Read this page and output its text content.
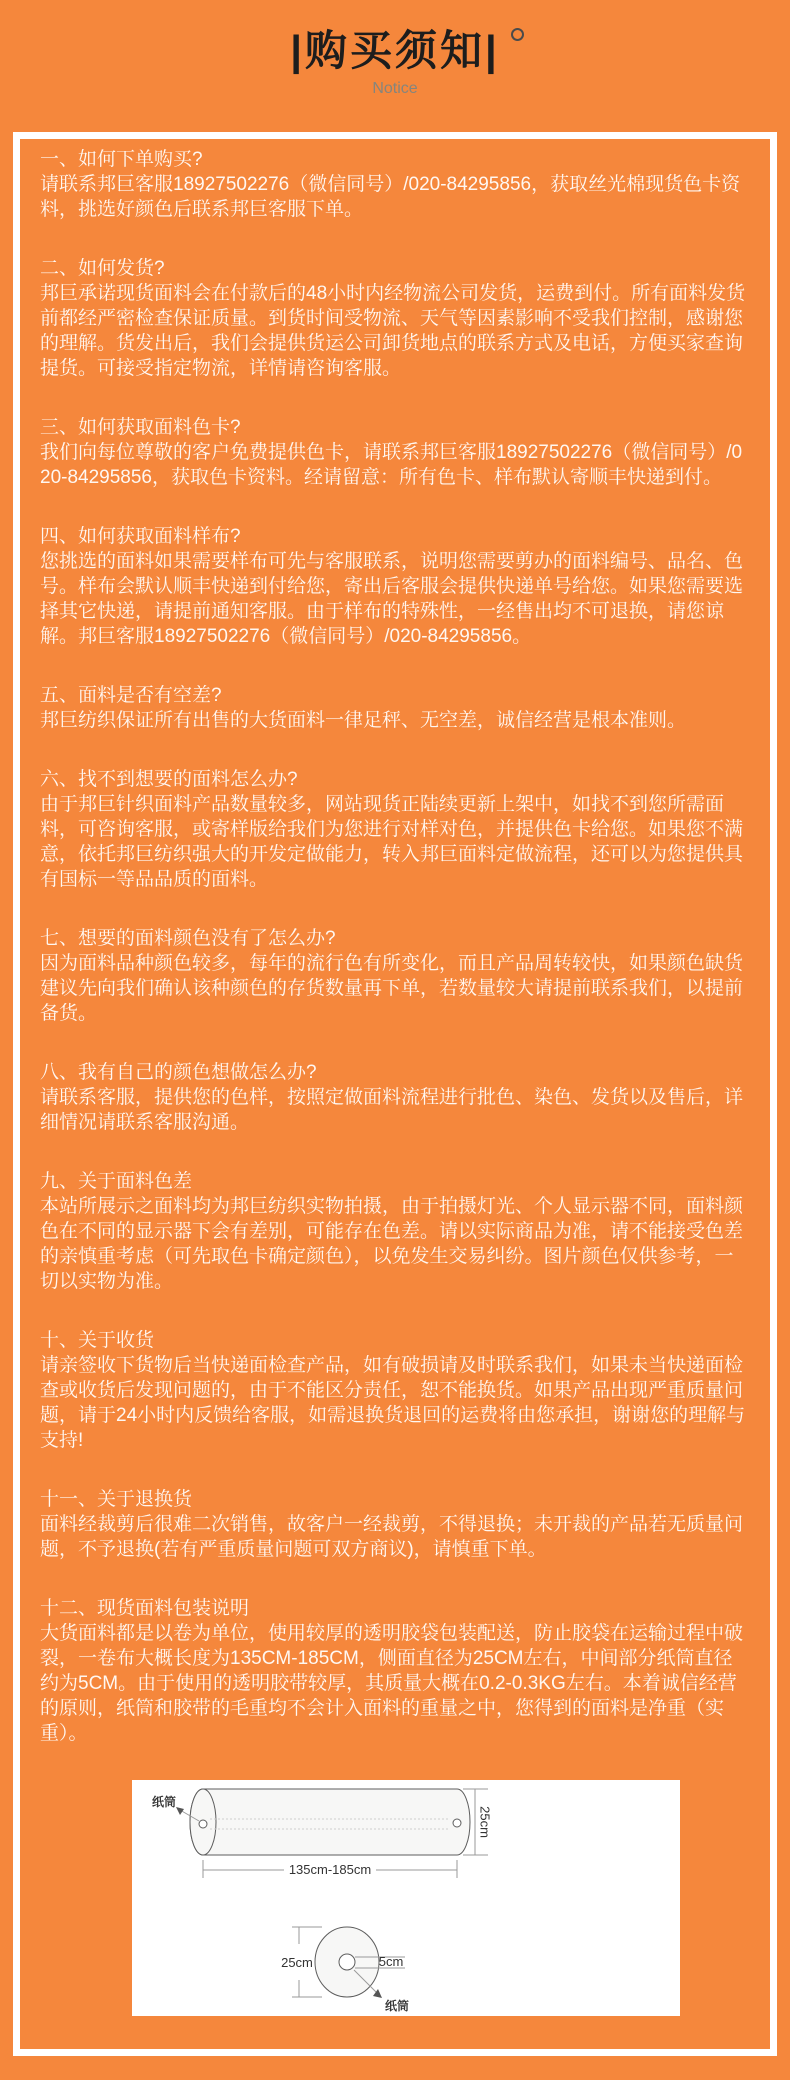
|购买须知|
Notice
一、如何下单购买?
请联系邦巨客服18927502276（微信同号）/020-84295856，获取丝光棉现货色卡资料，挑选好颜色后联系邦巨客服下单。
二、如何发货?
邦巨承诺现货面料会在付款后的48小时内经物流公司发货，运费到付。所有面料发货前都经严密检查保证质量。到货时间受物流、天气等因素影响不受我们控制，感谢您的理解。货发出后，我们会提供货运公司卸货地点的联系方式及电话，方便买家查询提货。可接受指定物流，详情请咨询客服。
三、如何获取面料色卡?
我们向每位尊敬的客户免费提供色卡，请联系邦巨客服18927502276（微信同号）/020-84295856，获取色卡资料。经请留意：所有色卡、样布默认寄顺丰快递到付。
四、如何获取面料样布?
您挑选的面料如果需要样布可先与客服联系，说明您需要剪办的面料编号、品名、色号。样布会默认顺丰快递到付给您，寄出后客服会提供快递单号给您。如果您需要选择其它快递，请提前通知客服。由于样布的特殊性，一经售出均不可退换，请您谅解。邦巨客服18927502276（微信同号）/020-84295856。
五、面料是否有空差?
邦巨纺织保证所有出售的大货面料一律足秤、无空差，诚信经营是根本准则。
六、找不到想要的面料怎么办?
由于邦巨针织面料产品数量较多，网站现货正陆续更新上架中，如找不到您所需面料，可咨询客服，或寄样版给我们为您进行对样对色，并提供色卡给您。如果您不满意，依托邦巨纺织强大的开发定做能力，转入邦巨面料定做流程，还可以为您提供具有国标一等品品质的面料。
七、想要的面料颜色没有了怎么办?
因为面料品种颜色较多，每年的流行色有所变化，而且产品周转较快，如果颜色缺货建议先向我们确认该种颜色的存货数量再下单，若数量较大请提前联系我们，以提前备货。
八、我有自己的颜色想做怎么办?
请联系客服，提供您的色样，按照定做面料流程进行批色、染色、发货以及售后，详细情况请联系客服沟通。
九、关于面料色差
本站所展示之面料均为邦巨纺织实物拍摄，由于拍摄灯光、个人显示器不同，面料颜色在不同的显示器下会有差别，可能存在色差。请以实际商品为准，请不能接受色差的亲慎重考虑（可先取色卡确定颜色），以免发生交易纠纷。图片颜色仅供参考，一切以实物为准。
十、关于收货
请亲签收下货物后当快递面检查产品，如有破损请及时联系我们，如果未当快递面检查或收货后发现问题的，由于不能区分责任，恕不能换货。如果产品出现严重质量问题，请于24小时内反馈给客服，如需退换货退回的运费将由您承担，谢谢您的理解与支持!
十一、关于退换货
面料经裁剪后很难二次销售，故客户一经裁剪，不得退换；未开裁的产品若无质量问题，不予退换(若有严重质量问题可双方商议)，请慎重下单。
十二、现货面料包装说明
大货面料都是以卷为单位，使用较厚的透明胶袋包装配送，防止胶袋在运输过程中破裂，一卷布大概长度为135CM-185CM，侧面直径为25CM左右，中间部分纸筒直径约为5CM。由于使用的透明胶带较厚，其质量大概在0.2-0.3KG左右。本着诚信经营的原则，纸筒和胶带的毛重均不会计入面料的重量之中，您得到的面料是净重（实重）。
纸筒
25cm
135cm-185cm
25cm	5cm
纸筒
